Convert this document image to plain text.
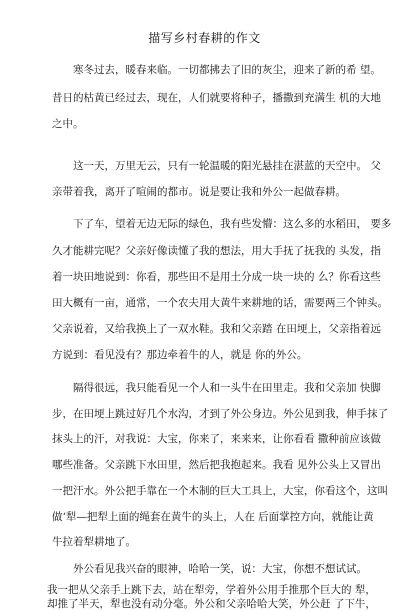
描写乡村春耕的作文
寒冬过去，暖春来临。一切都拂去了旧的灰尘，迎来了新的希 望。
昔日的枯黄已经过去，现在，人们就要将种子，播撒到充满生 机的大地
之中。
这一天，万里无云，只有一轮温暖的阳光悬挂在湛蓝的天空中。 父
亲带着我，离开了喧闹的都市。说是要让我和外公一起做春耕。
下了车，望着无边无际的绿色，我有些发懵：这么多的水稻田， 要多
久才能耕完呢？父亲好像读懂了我的想法，用大手抚了抚我的 头发，指
着一块田地说到：你看，那些田不是用土分成一块一块的 么？你看这些
田大概有一亩，通常，一个农夫用大黄牛来耕地的话，需要两三个钟头。
父亲说着，又给我换上了一双水鞋。我和父亲踏 在田埂上，父亲指着远
方说到：看见没有？那边牵着牛的人，就是 你的外公。
隔得很远，我只能看见一个人和一头牛在田里走。我和父亲加 快脚
步，在田埂上跳过好几个水沟，才到了外公身边。外公见到我，伸手抹了
抹头上的汗，对我说：大宝，你来了，来来来，让你看看 撒种前应该做
哪些准备。父亲跳下水田里，然后把我抱起来。我看 见外公头上又冒出
一把汗水。外公把手靠在一个木制的巨大工具上，大宝，你看这个，这叫
做‘犁—把犁上面的绳套在黄牛的头上，人在 后面掌控方向，就能让黄
牛拉着犁耕地了。
外公看见我兴奋的眼神，哈哈一笑，说：大宝，你想不想试试。
我一把从父亲手上跳下去，站在犁旁，学着外公用手推那个巨大的 犁，
却推了半天，犁也没有动分毫。外公和父亲哈哈大笑，外公赶 了下牛，
